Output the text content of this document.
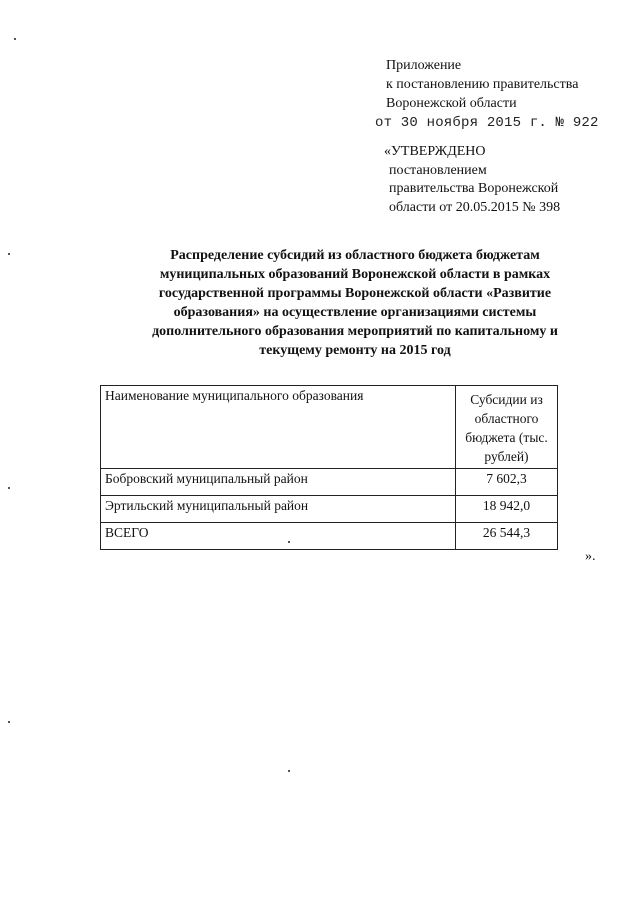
Приложение
к постановлению правительства
Воронежской области
от 30 ноября 2015 г. № 922
«УТВЕРЖДЕНО
постановлением
правительства Воронежской
области от 20.05.2015 № 398
Распределение субсидий из областного бюджета бюджетам муниципальных образований Воронежской области в рамках государственной программы Воронежской области «Развитие образования» на осуществление организациями системы дополнительного образования мероприятий по капитальному и текущему ремонту на 2015 год
Наименование муниципального образования	Субсидии из областного бюджета (тыс. рублей)
Бобровский муниципальный район	7 602,3
Эртильский муниципальный район	18 942,0
ВСЕГО	26 544,3
».
